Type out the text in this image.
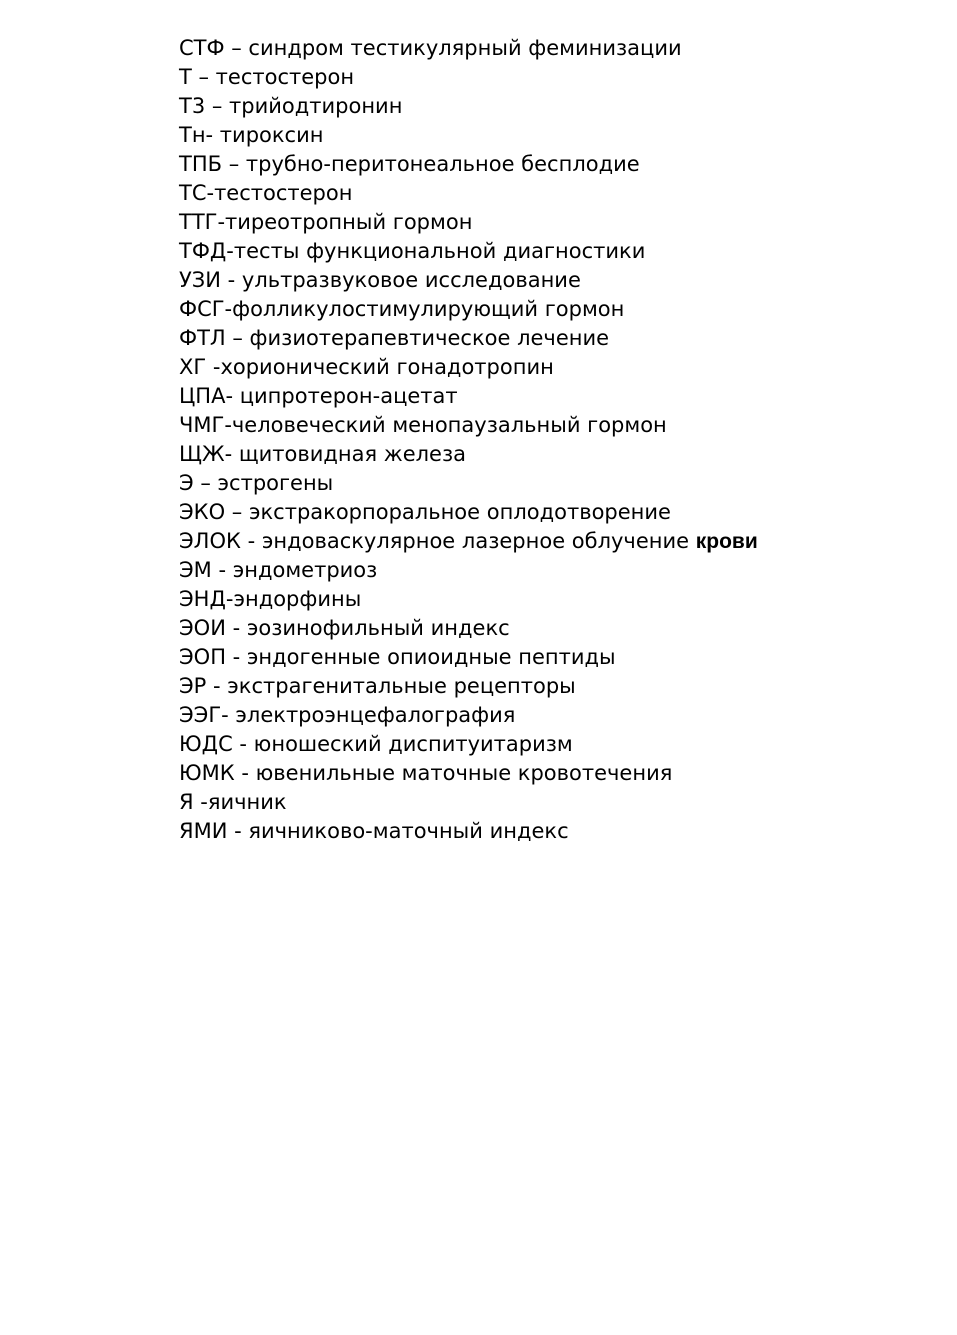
СТФ – синдром тестикулярный феминизации
Т – тестостерон
Т3 – трийодтиронин
Тн- тироксин
ТПБ – трубно-перитонеальное бесплодие
ТС-тестостерон
ТТГ-тиреотропный гормон
ТФД-тесты функциональной диагностики
УЗИ - ультразвуковое исследование
ФСГ-фолликулостимулирующий гормон
ФТЛ – физиотерапевтическое лечение
ХГ -хорионический гонадотропин
ЦПА- ципротерон-ацетат
ЧМГ-человеческий менопаузальный гормон
ЩЖ- щитовидная железа
Э – эстрогены
ЭКО – экстракорпоральное оплодотворение
ЭЛОК - эндоваскулярное лазерное облучение крови
ЭМ - эндометриоз
ЭНД-эндорфины
ЭОИ - эозинофильный индекс
ЭОП - эндогенные опиоидные пептиды
ЭР - экстрагенитальные рецепторы
ЭЭГ- электроэнцефалография
ЮДС - юношеский диспитуитаризм
ЮМК - ювенильные маточные кровотечения
Я -яичник
ЯМИ - яичниково-маточный индекс
